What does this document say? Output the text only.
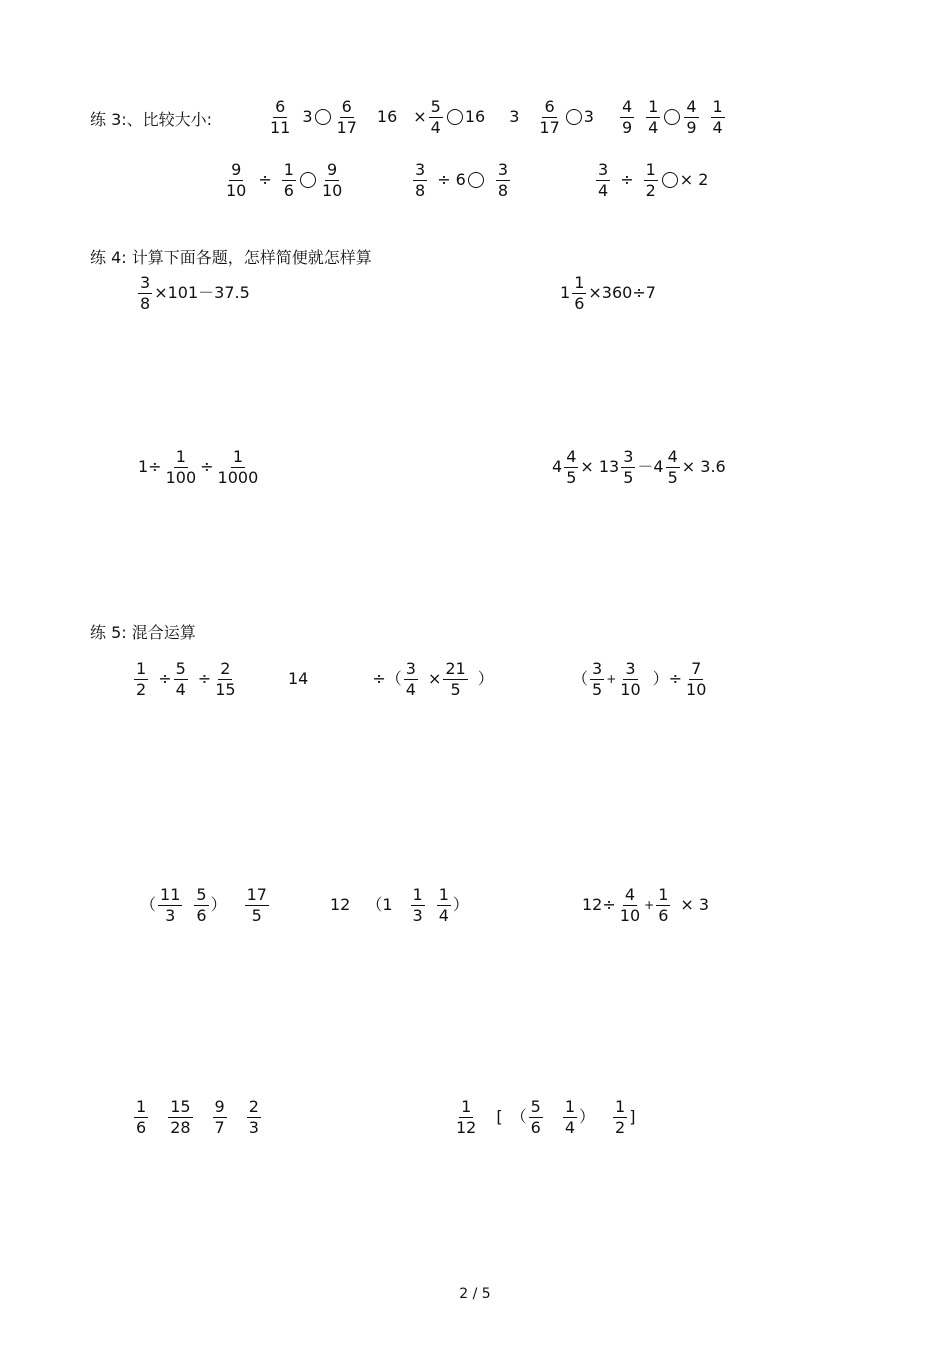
练 3:、比较大小:	$\frac{6}{11} 3 \frac{6}{17} 16 \times \frac{5}{4} 16$ $3 \frac{6}{17} 3 \frac{4}{9} \frac{1}{4} \frac{4}{9} \frac{1}{4}$
$\frac{9}{10} \div \frac{1}{6} \frac{9}{10}$	$\frac{3}{8} \div 6 \frac{3}{8}$	$\frac{3}{4} \div \frac{1}{2} \times 2$
练 4: 计算下面各题，怎样简便就怎样算
$\frac{3}{8} \times 101-37.5$	$1 \frac{1}{6} \times 360\div 7$
$1\div \frac{1}{100} \div \frac{1}{1000}$	$4 \frac{4}{5} \times 13 \frac{3}{5} -4 \frac{4}{5} \times 3.6$
练 5: 混合运算
$\frac{1}{2} \div \frac{5}{4} \div \frac{2}{15}$	14	÷（ $\frac{3}{4} \times \frac{21}{5}$ ）	（ $\frac{3}{5} + \frac{3}{10}$ ） ÷ $\frac{7}{10}$
（ $\frac{11}{3} \frac{5}{6}$ ） $\frac{17}{5}$	12 （$1 \frac{1}{3} \frac{1}{4}$ ）	$12\div \frac{4}{10} + \frac{1}{6} \times 3$
$\frac{1}{6} \frac{15}{28} \frac{9}{7} \frac{2}{3}$	$\frac{1}{12}$ [ （ $\frac{5}{6} \frac{1}{4}$ ） $\frac{1}{2}$ ]
2 / 5
